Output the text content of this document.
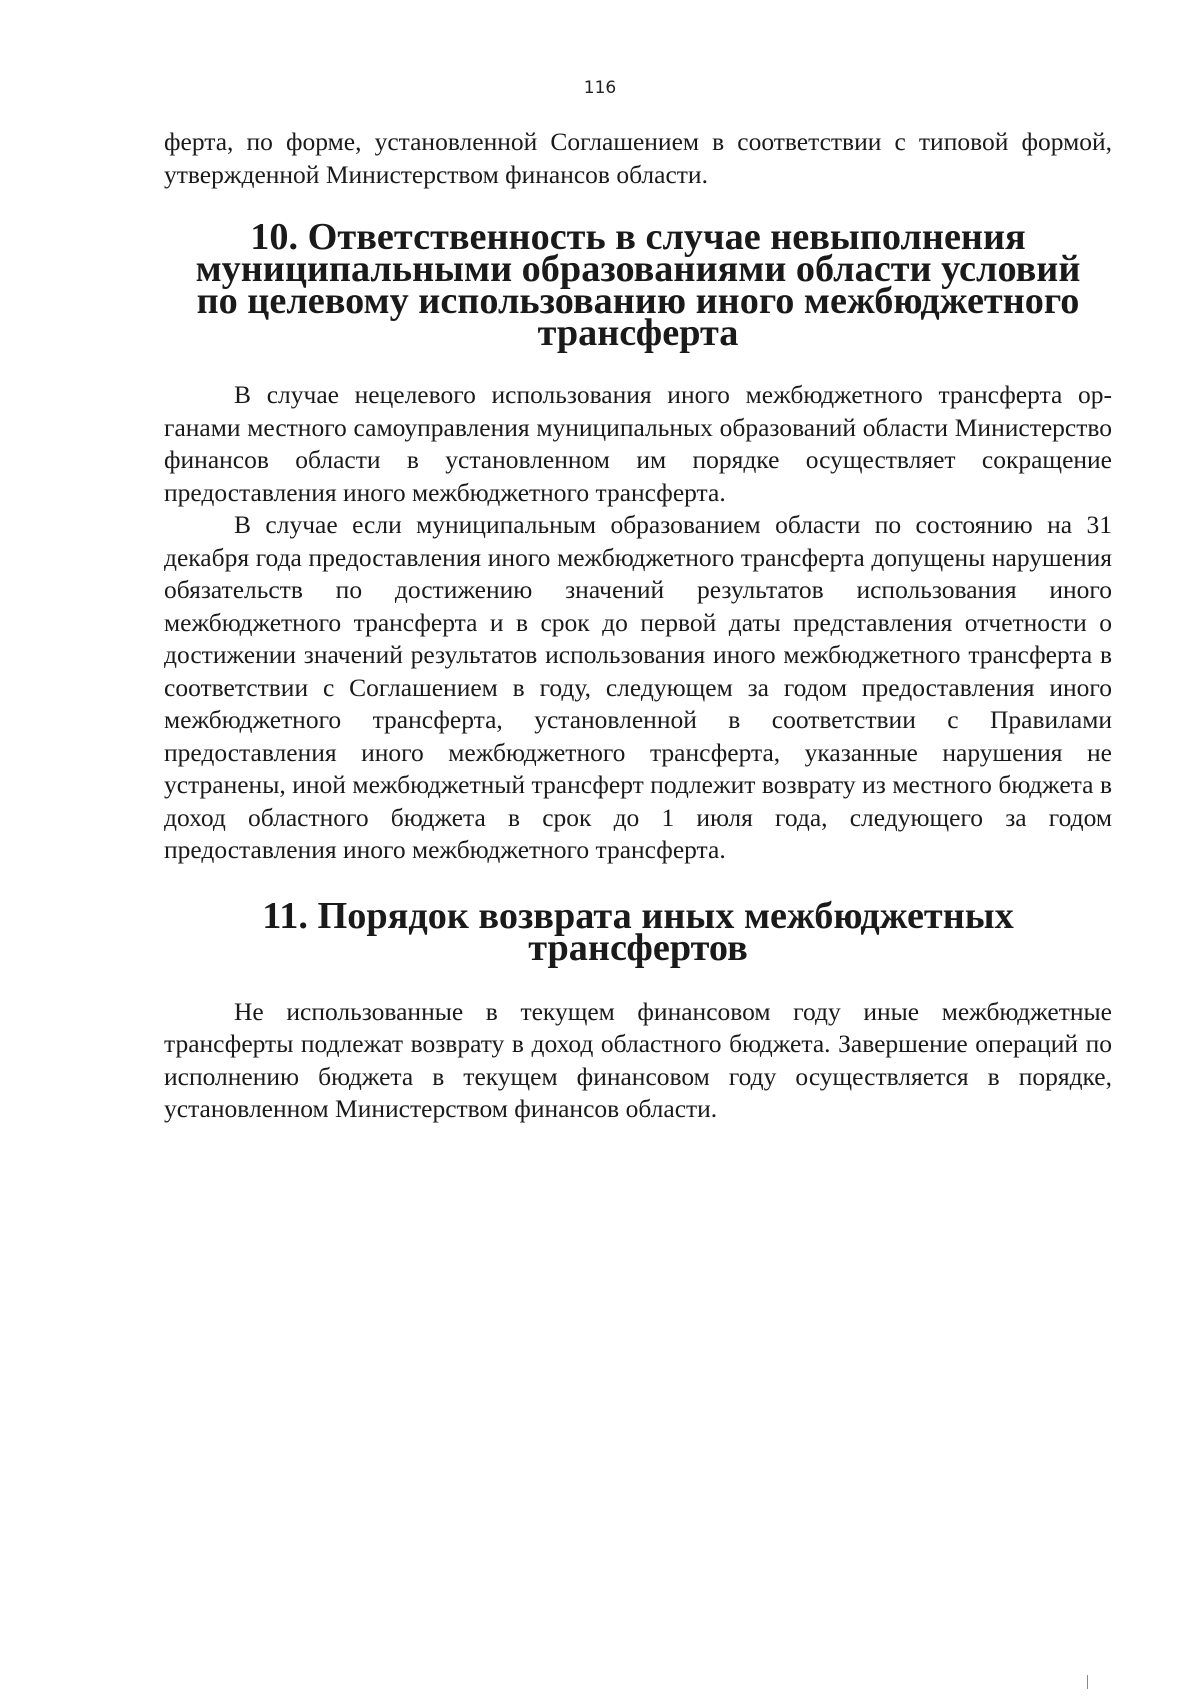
116

ферта, по форме, установленной Соглашением в соответствии с типовой формой, утвержденной Министерством финансов области.

10. Ответственность в случае невыполнения
муниципальными образованиями области условий
по целевому использованию иного межбюджетного трансферта

В случае нецелевого использования иного межбюджетного трансферта органами местного самоуправления муниципальных образований области Министерство финансов области в установленном им порядке осуществляет сокращение предоставления иного межбюджетного трансферта.

В случае если муниципальным образованием области по состоянию на 31 декабря года предоставления иного межбюджетного трансферта допущены нарушения обязательств по достижению значений результатов использования иного межбюджетного трансферта и в срок до первой даты представления отчетности о достижении значений результатов использования иного межбюджетного трансферта в соответствии с Соглашением в году, следующем за годом предоставления иного межбюджетного трансферта, установленной в соответствии с Правилами предоставления иного межбюджетного трансферта, указанные нарушения не устранены, иной межбюджетный трансферт подлежит возврату из местного бюджета в доход областного бюджета в срок до 1 июля года, следующего за годом предоставления иного межбюджетного трансферта.

11. Порядок возврата иных межбюджетных трансфертов

Не использованные в текущем финансовом году иные межбюджетные трансферты подлежат возврату в доход областного бюджета. Завершение операций по исполнению бюджета в текущем финансовом году осуществляется в порядке, установленном Министерством финансов области.
